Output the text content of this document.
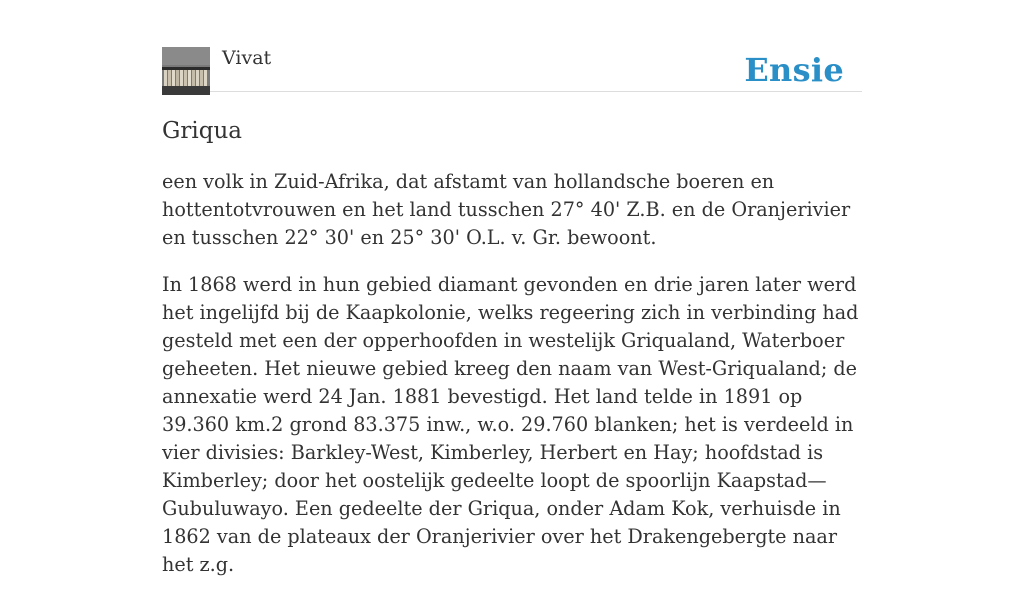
Vivat	Ensie
Griqua

een volk in Zuid-Afrika, dat afstamt van hollandsche boeren en hottentotvrouwen en het land tusschen 27° 40' Z.B. en de Oranjerivier en tusschen 22° 30' en 25° 30' O.L. v. Gr. bewoont.

In 1868 werd in hun gebied diamant gevonden en drie jaren later werd het ingelijfd bij de Kaapkolonie, welks regeering zich in verbinding had gesteld met een der opperhoofden in westelijk Griqualand, Waterboer geheeten. Het nieuwe gebied kreeg den naam van West-Griqualand; de annexatie werd 24 Jan. 1881 bevestigd. Het land telde in 1891 op 39.360 km.2 grond 83.375 inw., w.o. 29.760 blanken; het is verdeeld in vier divisies: Barkley-West, Kimberley, Herbert en Hay; hoofdstad is Kimberley; door het oostelijk gedeelte loopt de spoorlijn Kaapstad—Gubuluwayo. Een gedeelte der Griqua, onder Adam Kok, verhuisde in 1862 van de plateaux der Oranjerivier over het Drakengebergte naar het z.g.
